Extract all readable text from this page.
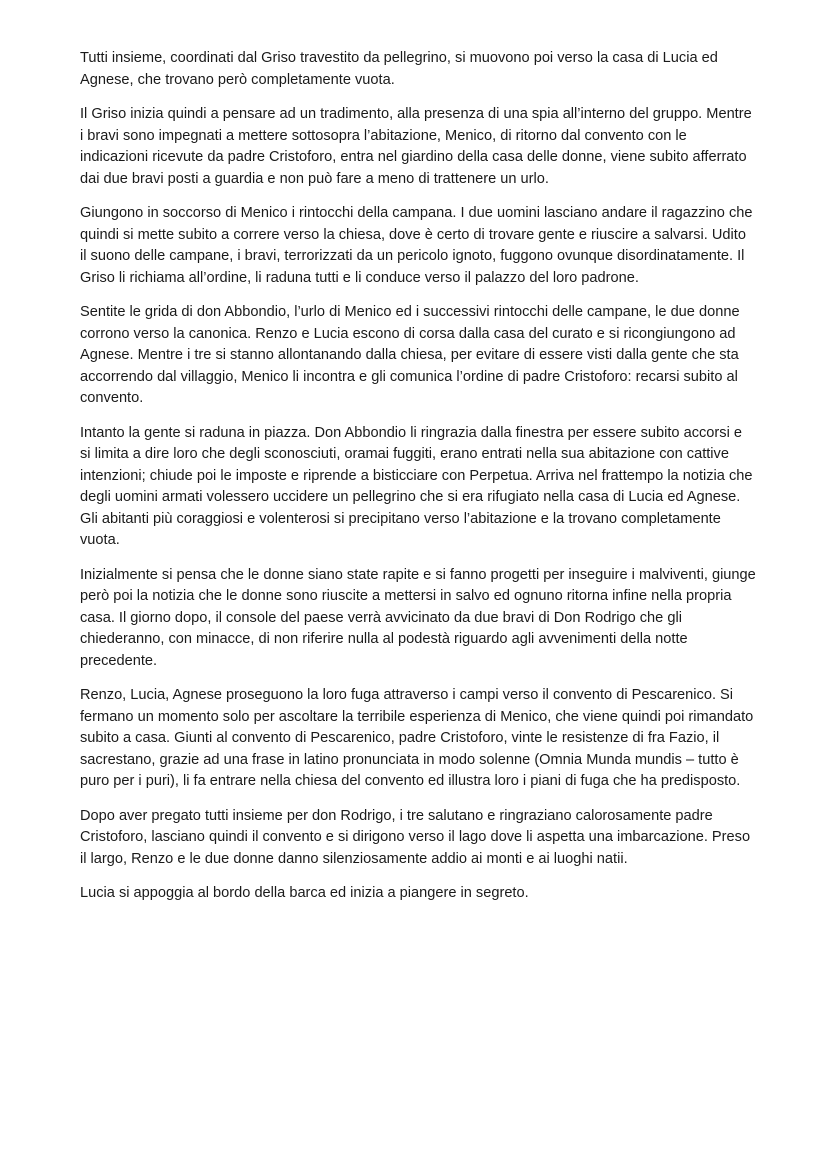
Tutti insieme, coordinati dal Griso travestito da pellegrino, si muovono poi verso la casa di Lucia ed Agnese, che trovano però completamente vuota.

Il Griso inizia quindi a pensare ad un tradimento, alla presenza di una spia all’interno del gruppo. Mentre i bravi sono impegnati a mettere sottosopra l’abitazione, Menico, di ritorno dal convento con le indicazioni ricevute da padre Cristoforo, entra nel giardino della casa delle donne, viene subito afferrato dai due bravi posti a guardia e non può fare a meno di trattenere un urlo.

Giungono in soccorso di Menico i rintocchi della campana. I due uomini lasciano andare il ragazzino che quindi si mette subito a correre verso la chiesa, dove è certo di trovare gente e riuscire a salvarsi. Udito il suono delle campane, i bravi, terrorizzati da un pericolo ignoto, fuggono ovunque disordinatamente. Il Griso li richiama all’ordine, li raduna tutti e li conduce verso il palazzo del loro padrone.

Sentite le grida di don Abbondio, l’urlo di Menico ed i successivi rintocchi delle campane, le due donne corrono verso la canonica. Renzo e Lucia escono di corsa dalla casa del curato e si ricongiungono ad Agnese. Mentre i tre si stanno allontanando dalla chiesa, per evitare di essere visti dalla gente che sta accorrendo dal villaggio, Menico li incontra e gli comunica l’ordine di padre Cristoforo: recarsi subito al convento.

Intanto la gente si raduna in piazza. Don Abbondio li ringrazia dalla finestra per essere subito accorsi e si limita a dire loro che degli sconosciuti, oramai fuggiti, erano entrati nella sua abitazione con cattive intenzioni; chiude poi le imposte e riprende a bisticciare con Perpetua. Arriva nel frattempo la notizia che degli uomini armati volessero uccidere un pellegrino che si era rifugiato nella casa di Lucia ed Agnese. Gli abitanti più coraggiosi e volenterosi si precipitano verso l’abitazione e la trovano completamente vuota.

Inizialmente si pensa che le donne siano state rapite e si fanno progetti per inseguire i malviventi, giunge però poi la notizia che le donne sono riuscite a mettersi in salvo ed ognuno ritorna infine nella propria casa. Il giorno dopo, il console del paese verrà avvicinato da due bravi di Don Rodrigo che gli chiederanno, con minacce, di non riferire nulla al podestà riguardo agli avvenimenti della notte precedente.

Renzo, Lucia, Agnese proseguono la loro fuga attraverso i campi verso il convento di Pescarenico. Si fermano un momento solo per ascoltare la terribile esperienza di Menico, che viene quindi poi rimandato subito a casa. Giunti al convento di Pescarenico, padre Cristoforo, vinte le resistenze di fra Fazio, il sacrestano, grazie ad una frase in latino pronunciata in modo solenne (Omnia Munda mundis – tutto è puro per i puri), li fa entrare nella chiesa del convento ed illustra loro i piani di fuga che ha predisposto.

Dopo aver pregato tutti insieme per don Rodrigo, i tre salutano e ringraziano calorosamente padre Cristoforo, lasciano quindi il convento e si dirigono verso il lago dove li aspetta una imbarcazione. Preso il largo, Renzo e le due donne danno silenziosamente addio ai monti e ai luoghi natii.

Lucia si appoggia al bordo della barca ed inizia a piangere in segreto.
